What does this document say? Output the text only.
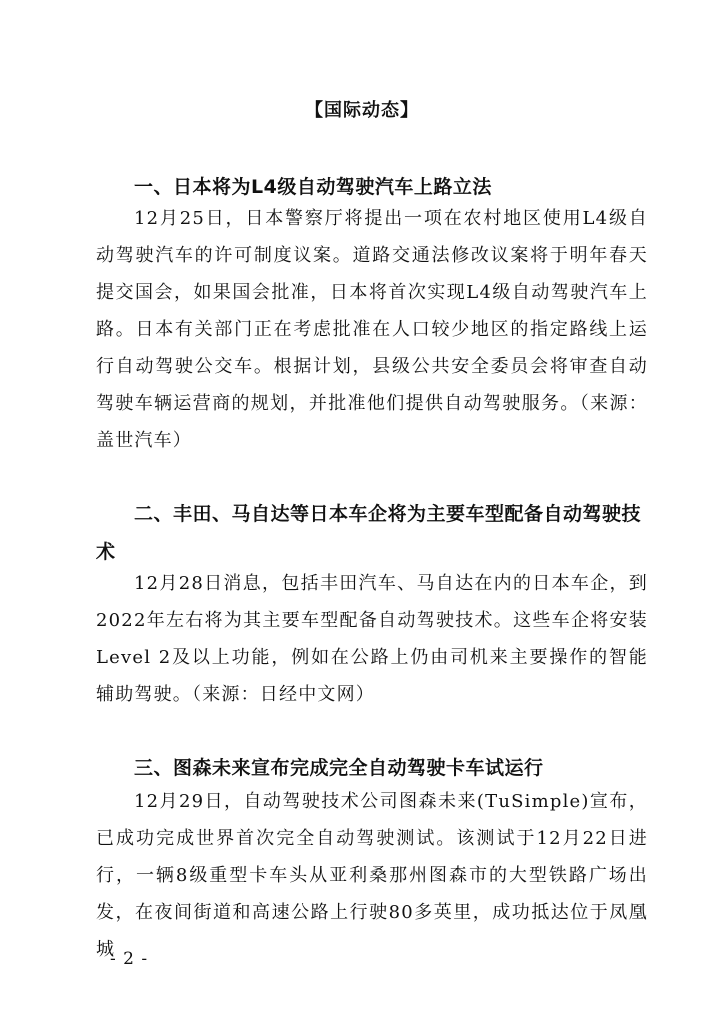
【国际动态】
一、日本将为L4级自动驾驶汽车上路立法
12月25日，日本警察厅将提出一项在农村地区使用L4级自动驾驶汽车的许可制度议案。道路交通法修改议案将于明年春天提交国会，如果国会批准，日本将首次实现L4级自动驾驶汽车上路。日本有关部门正在考虑批准在人口较少地区的指定路线上运行自动驾驶公交车。根据计划，县级公共安全委员会将审查自动驾驶车辆运营商的规划，并批准他们提供自动驾驶服务。（来源：盖世汽车）
二、丰田、马自达等日本车企将为主要车型配备自动驾驶技术
12月28日消息，包括丰田汽车、马自达在内的日本车企，到2022年左右将为其主要车型配备自动驾驶技术。这些车企将安装Level 2及以上功能，例如在公路上仍由司机来主要操作的智能辅助驾驶。（来源：日经中文网）
三、图森未来宣布完成完全自动驾驶卡车试运行
12月29日，自动驾驶技术公司图森未来(TuSimple)宣布，已成功完成世界首次完全自动驾驶测试。该测试于12月22日进行，一辆8级重型卡车头从亚利桑那州图森市的大型铁路广场出发，在夜间街道和高速公路上行驶80多英里，成功抵达位于凤凰城
- 2 -
